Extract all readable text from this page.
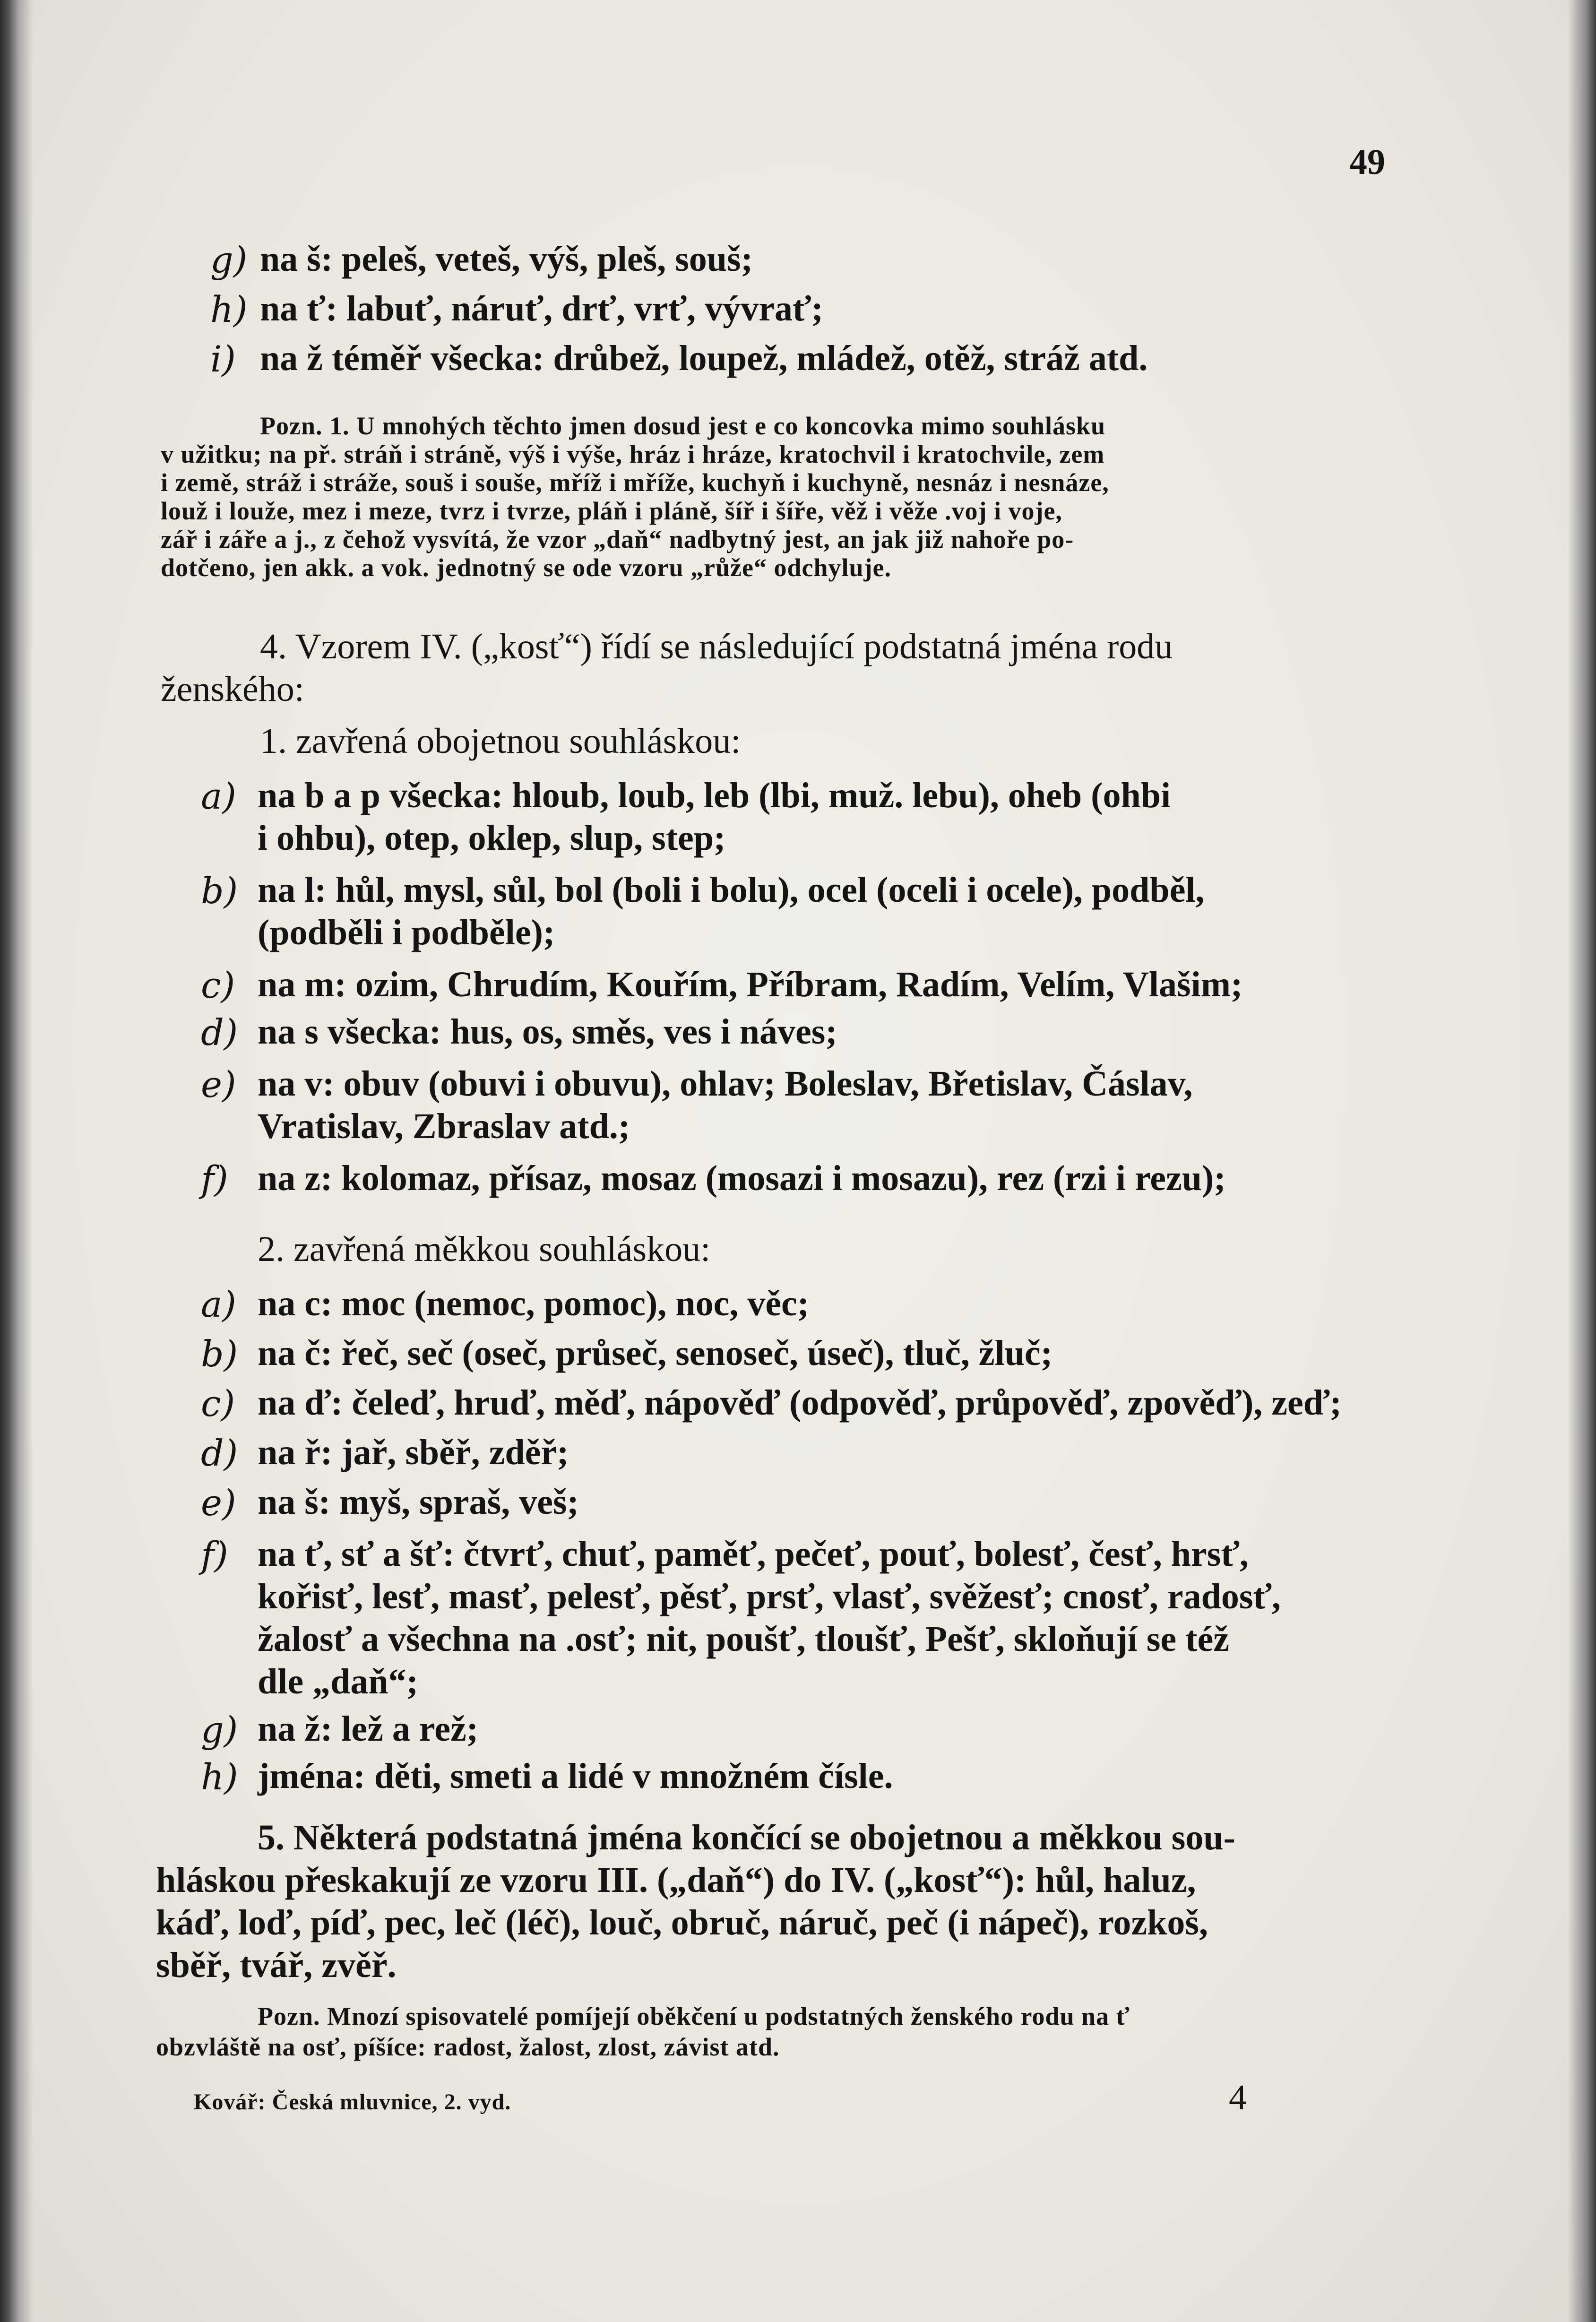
49
g) na š: peleš, veteš, výš, pleš, souš;
h) na ť: labuť, náruť, drť, vrť, vývrať;
i) na ž téměř všecka: drůbež, loupež, mládež, otěž, stráž atd.
Pozn. 1. U mnohých těchto jmen dosud jest e co koncovka mimo souhlásku
v užitku; na př. stráň i stráně, výš i výše, hráz i hráze, kratochvil i kratochvile, zem
i země, stráž i stráže, souš i souše, mříž i mříže, kuchyň i kuchyně, nesnáz i nesnáze,
louž i louže, mez i meze, tvrz i tvrze, pláň i pláně, šíř i šíře, věž i věže .voj i voje,
zář i záře a j., z čehož vysvítá, že vzor „daň“ nadbytný jest, an jak již nahoře po-
dotčeno, jen akk. a vok. jednotný se ode vzoru „růže“ odchyluje.
4. Vzorem IV. („kosť“) řídí se následující podstatná jména rodu
ženského:
1. zavřená obojetnou souhláskou:
a) na b a p všecka: hloub, loub, leb (lbi, muž. lebu), oheb (ohbi
i ohbu), otep, oklep, slup, step;
b) na l: hůl, mysl, sůl, bol (boli i bolu), ocel (oceli i ocele), podběl,
(podběli i podběle);
c) na m: ozim, Chrudím, Kouřím, Příbram, Radím, Velím, Vlašim;
d) na s všecka: hus, os, směs, ves i náves;
e) na v: obuv (obuvi i obuvu), ohlav; Boleslav, Břetislav, Čáslav,
Vratislav, Zbraslav atd.;
f) na z: kolomaz, přísaz, mosaz (mosazi i mosazu), rez (rzi i rezu);
2. zavřená měkkou souhláskou:
a) na c: moc (nemoc, pomoc), noc, věc;
b) na č: řeč, seč (oseč, průseč, senoseč, úseč), tluč, žluč;
c) na ď: čeleď, hruď, měď, nápověď (odpověď, průpověď, zpověď), zeď;
d) na ř: jař, sběř, zděř;
e) na š: myš, spraš, veš;
f) na ť, sť a šť: čtvrť, chuť, paměť, pečeť, pouť, bolesť, česť, hrsť,
kořisť, lesť, masť, pelesť, pěsť, prsť, vlasť, svěžesť; cnosť, radosť,
žalosť a všechna na .osť; nit, poušť, tloušť, Pešť, skloňují se též
dle „daň“;
g) na ž: lež a rež;
h) jména: děti, smeti a lidé v množném čísle.
5. Některá podstatná jména končící se obojetnou a měkkou sou-
hláskou přeskakují ze vzoru III. („daň“) do IV. („kosť“): hůl, haluz,
káď, loď, píď, pec, leč (léč), louč, obruč, náruč, peč (i nápeč), rozkoš,
sběř, tvář, zvěř.
Pozn. Mnozí spisovatelé pomíjejí oběkčení u podstatných ženského rodu na ť
obzvláště na osť, píšíce: radost, žalost, zlost, závist atd.
Kovář: Česká mluvnice, 2. vyd.	4
